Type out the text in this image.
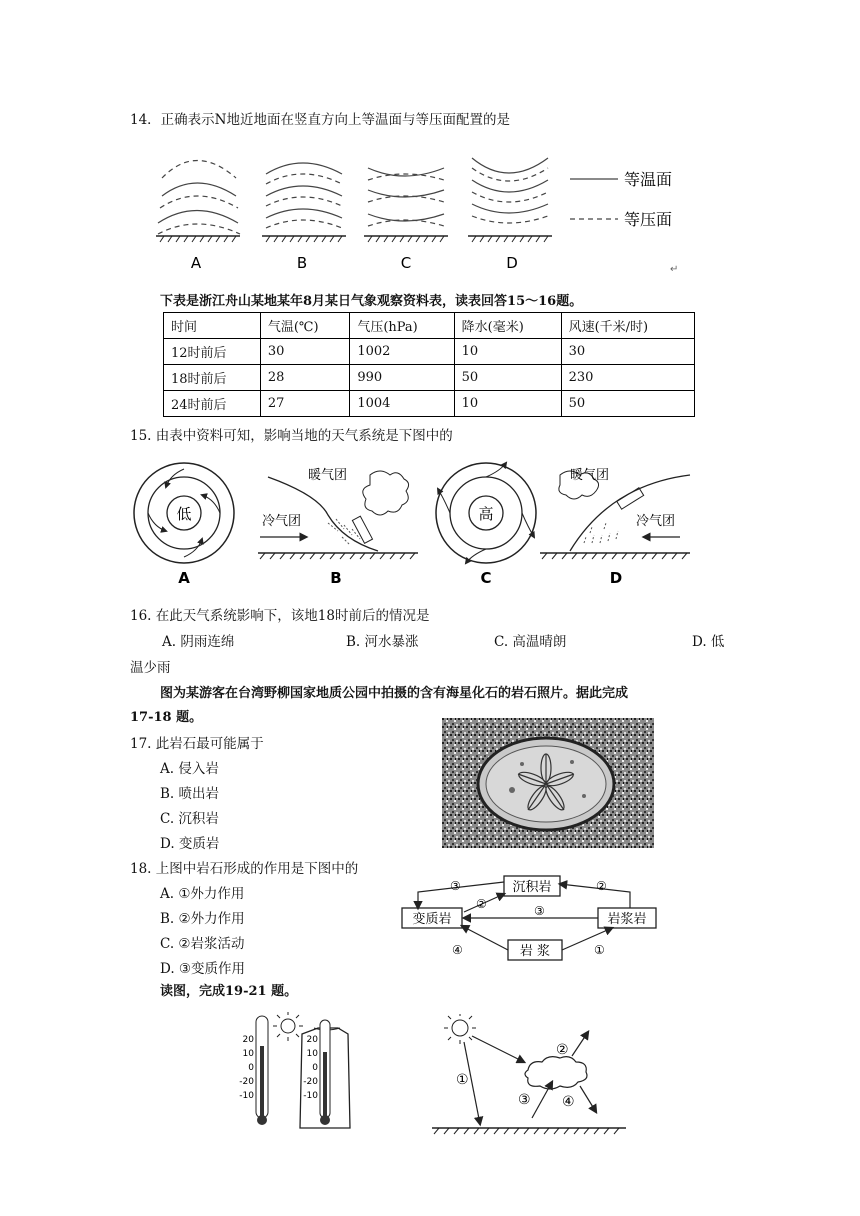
14．正确表示N地近地面在竖直方向上等温面与等压面配置的是
A	B	C	D
等温面
等压面
↵
下表是浙江舟山某地某年8月某日气象观察资料表，读表回答15～16题。
时间	气温(℃)	气压(hPa)	降水(毫米)	风速(千米/时)
12时前后	30	1002	10	30
18时前后	28	990	50	230
24时前后	27	1004	10	50
15. 由表中资料可知，影响当地的天气系统是下图中的
低
暖气团
冷气团	高
暖气团
冷气团
A	B	C	D
16. 在此天气系统影响下，该地18时前后的情况是
A. 阴雨连绵	B. 河水暴涨	C. 高温晴朗	D. 低
温少雨
图为某游客在台湾野柳国家地质公园中拍摄的含有海星化石的岩石照片。据此完成
17-18 题。
17. 此岩石最可能属于
A. 侵入岩
B. 喷出岩
C. 沉积岩
D. 变质岩
18. 上图中岩石形成的作用是下图中的
A. ①外力作用
B. ②外力作用
C. ②岩浆活动
D. ③变质作用
沉积岩
变质岩	岩浆岩
岩 浆
③	②
②	③
④	①
读图，完成19-21 题。
20
10
0
-20
-10
20
10
0
-20
-10
①
②
③ ④
